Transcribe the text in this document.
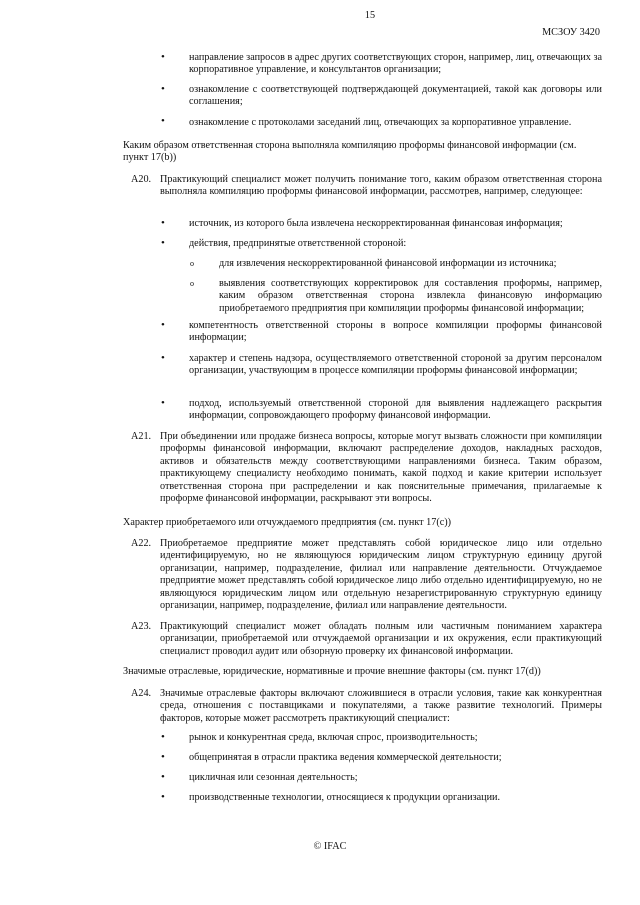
15
МСЗОУ 3420
• направление запросов в адрес других соответствующих сторон, например, лиц, отвечающих за корпоративное управление, и консультантов организации;
• ознакомление с соответствующей подтверждающей документацией, такой как договоры или соглашения;
• ознакомление с протоколами заседаний лиц, отвечающих за корпоративное управление.
Каким образом ответственная сторона выполняла компиляцию проформы финансовой информации (см. пункт 17(b))
A20. Практикующий специалист может получить понимание того, каким образом ответственная сторона выполняла компиляцию проформы финансовой информации, рассмотрев, например, следующее:
• источник, из которого была извлечена нескорректированная финансовая информация;
• действия, предпринятые ответственной стороной:
o для извлечения нескорректированной финансовой информации из источника;
o выявления соответствующих корректировок для составления проформы, например, каким образом ответственная сторона извлекла финансовую информацию приобретаемого предприятия при компиляции проформы финансовой информации;
• компетентность ответственной стороны в вопросе компиляции проформы финансовой информации;
• характер и степень надзора, осуществляемого ответственной стороной за другим персоналом организации, участвующим в процессе компиляции проформы финансовой информации;
• подход, используемый ответственной стороной для выявления надлежащего раскрытия информации, сопровождающего проформу финансовой информации.
A21. При объединении или продаже бизнеса вопросы, которые могут вызвать сложности при компиляции проформы финансовой информации, включают распределение доходов, накладных расходов, активов и обязательств между соответствующими направлениями бизнеса. Таким образом, практикующему специалисту необходимо понимать, какой подход и какие критерии использует ответственная сторона при распределении и как пояснительные примечания, прилагаемые к проформе финансовой информации, раскрывают эти вопросы.
Характер приобретаемого или отчуждаемого предприятия (см. пункт 17(c))
A22. Приобретаемое предприятие может представлять собой юридическое лицо или отдельно идентифицируемую, но не являющуюся юридическим лицом структурную единицу другой организации, например, подразделение, филиал или направление деятельности. Отчуждаемое предприятие может представлять собой юридическое лицо либо отдельно идентифицируемую, но не являющуюся юридическим лицом или отдельную незарегистрированную структурную единицу организации, например, подразделение, филиал или направление деятельности.
A23. Практикующий специалист может обладать полным или частичным пониманием характера организации, приобретаемой или отчуждаемой организации и их окружения, если практикующий специалист проводил аудит или обзорную проверку их финансовой информации.
Значимые отраслевые, юридические, нормативные и прочие внешние факторы (см. пункт 17(d))
A24. Значимые отраслевые факторы включают сложившиеся в отрасли условия, такие как конкурентная среда, отношения с поставщиками и покупателями, а также развитие технологий. Примеры факторов, которые может рассмотреть практикующий специалист:
• рынок и конкурентная среда, включая спрос, производительность;
• общепринятая в отрасли практика ведения коммерческой деятельности;
• цикличная или сезонная деятельность;
• производственные технологии, относящиеся к продукции организации.
© IFAC
